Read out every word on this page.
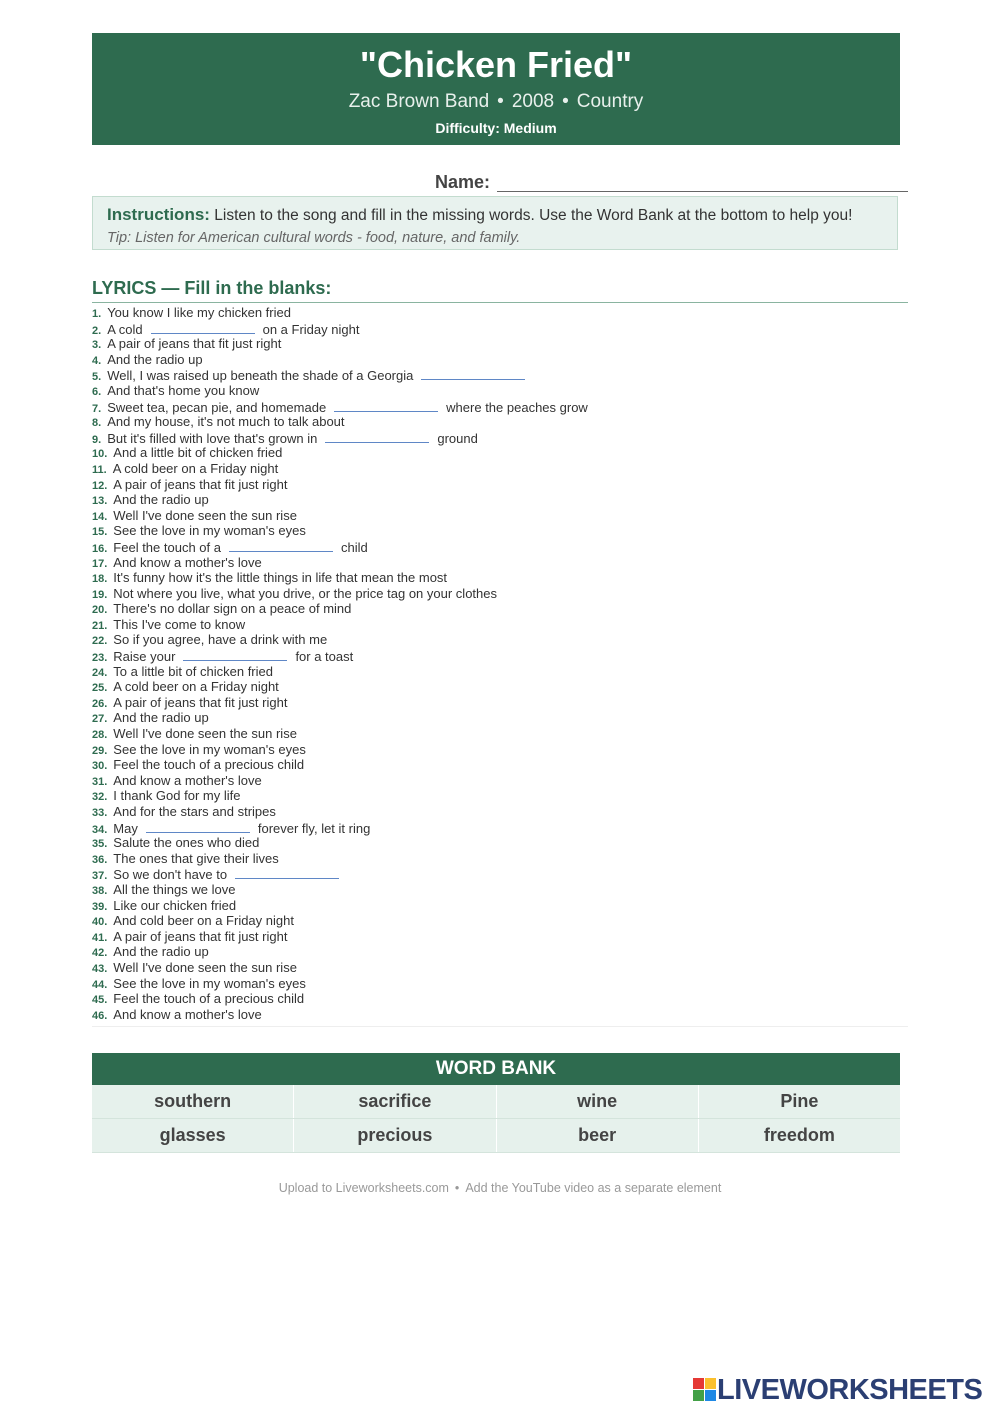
"Chicken Fried"
Zac Brown Band • 2008 • Country
Difficulty: Medium
Name:
Instructions: Listen to the song and fill in the missing words. Use the Word Bank at the bottom to help you!
Tip: Listen for American cultural words - food, nature, and family.
LYRICS — Fill in the blanks:
1. You know I like my chicken fried
2. A cold	on a Friday night
3. A pair of jeans that fit just right
4. And the radio up
5. Well, I was raised up beneath the shade of a Georgia
6. And that's home you know
7. Sweet tea, pecan pie, and homemade	where the peaches grow
8. And my house, it's not much to talk about
9. But it's filled with love that's grown in	ground
10. And a little bit of chicken fried
11. A cold beer on a Friday night
12. A pair of jeans that fit just right
13. And the radio up
14. Well I've done seen the sun rise
15. See the love in my woman's eyes
16. Feel the touch of a	child
17. And know a mother's love
18. It's funny how it's the little things in life that mean the most
19. Not where you live, what you drive, or the price tag on your clothes
20. There's no dollar sign on a peace of mind
21. This I've come to know
22. So if you agree, have a drink with me
23. Raise your	for a toast
24. To a little bit of chicken fried
25. A cold beer on a Friday night
26. A pair of jeans that fit just right
27. And the radio up
28. Well I've done seen the sun rise
29. See the love in my woman's eyes
30. Feel the touch of a precious child
31. And know a mother's love
32. I thank God for my life
33. And for the stars and stripes
34. May	forever fly, let it ring
35. Salute the ones who died
36. The ones that give their lives
37. So we don't have to
38. All the things we love
39. Like our chicken fried
40. And cold beer on a Friday night
41. A pair of jeans that fit just right
42. And the radio up
43. Well I've done seen the sun rise
44. See the love in my woman's eyes
45. Feel the touch of a precious child
46. And know a mother's love
WORD BANK
southern	sacrifice	wine	Pine
glasses	precious	beer	freedom
Upload to Liveworksheets.com • Add the YouTube video as a separate element
LIVEWORKSHEETS
